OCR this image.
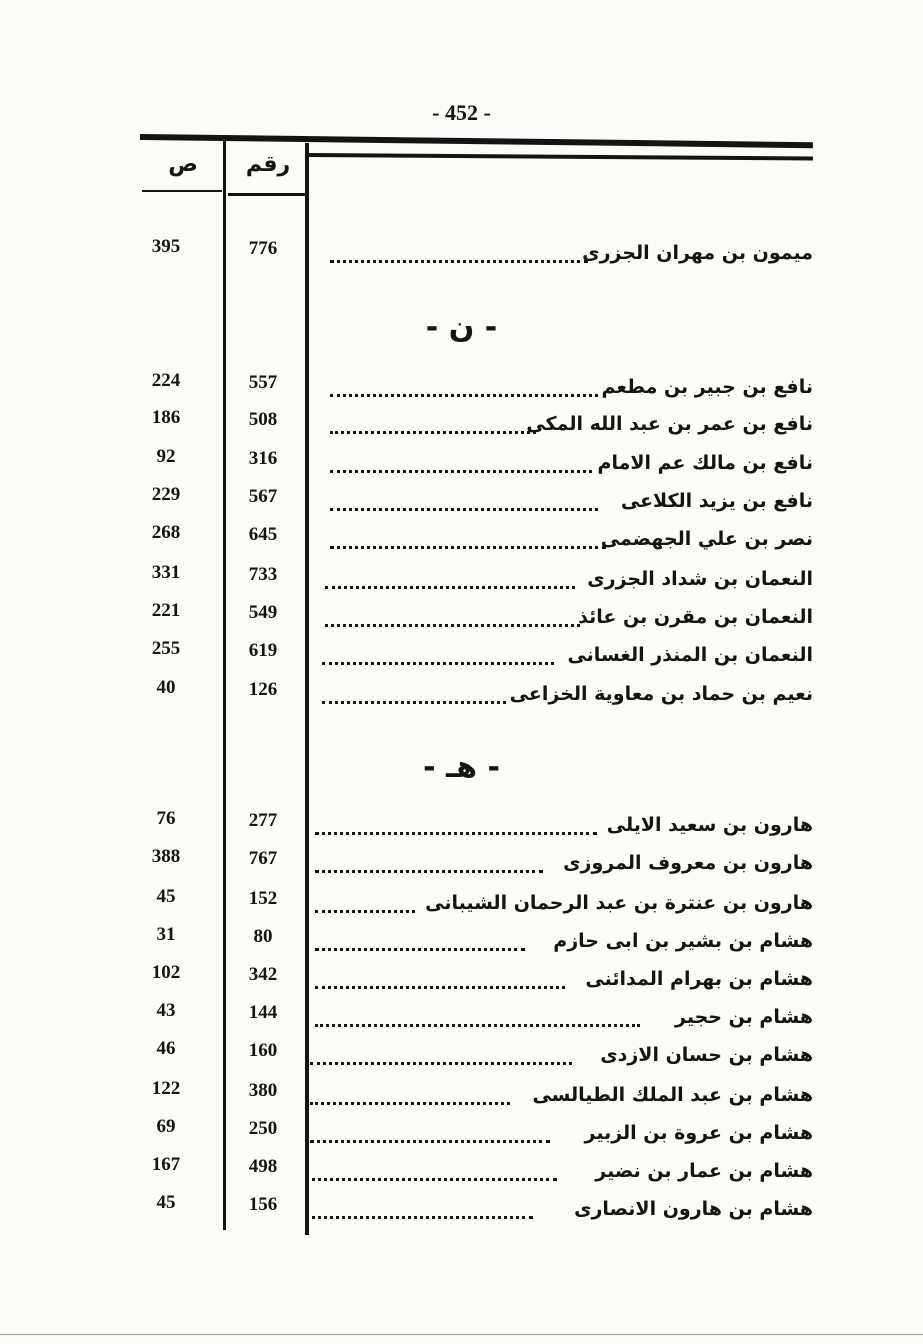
- 452 -
ص	رقم
395	776	ميمون بن مهران الجزرى
- ن -
224	557	نافع بن جبير بن مطعم
186	508	نافع بن عمر بن عبد الله المكى
92	316	نافع بن مالك عم الامام
229	567	نافع بن يزيد الكلاعى
268	645	نصر بن علي الجهضمى
331	733	النعمان بن شداد الجزرى
221	549	النعمان بن مقرن بن عائذ
255	619	النعمان بن المنذر الغسانى
40	126	نعيم بن حماد بن معاوية الخزاعى
- هـ -
76	277	هارون بن سعيد الايلى
388	767	هارون بن معروف المروزى
45	152	هارون بن عنترة بن عبد الرحمان الشيبانى
31	80	هشام بن بشير بن ابى حازم
102	342	هشام بن بهرام المدائنى
43	144	هشام بن حجير
46	160	هشام بن حسان الازدى
122	380	هشام بن عبد الملك الطيالسى
69	250	هشام بن عروة بن الزبير
167	498	هشام بن عمار بن نضير
45	156	هشام بن هارون الانصارى
